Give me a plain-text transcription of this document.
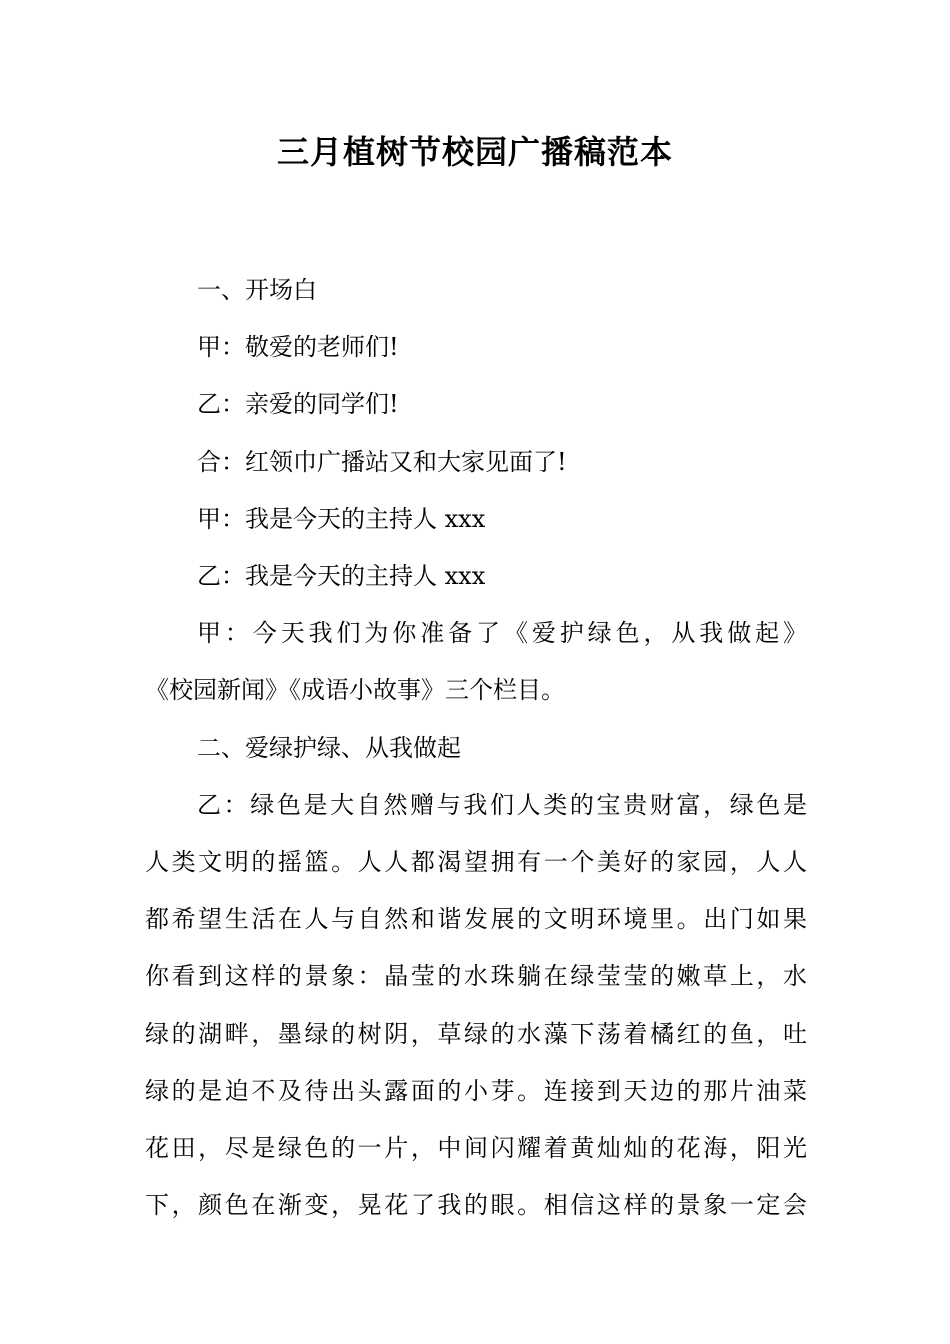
三月植树节校园广播稿范本

一、开场白

甲：敬爱的老师们!

乙：亲爱的同学们!

合：红领巾广播站又和大家见面了!

甲：我是今天的主持人 xxx

乙：我是今天的主持人 xxx

甲：今天我们为你准备了《爱护绿色，从我做起》

《校园新闻》《成语小故事》三个栏目。

二、爱绿护绿、从我做起

乙：绿色是大自然赠与我们人类的宝贵财富，绿色是

人类文明的摇篮。人人都渴望拥有一个美好的家园，人人

都希望生活在人与自然和谐发展的文明环境里。出门如果

你看到这样的景象：晶莹的水珠躺在绿莹莹的嫩草上，水

绿的湖畔，墨绿的树阴，草绿的水藻下荡着橘红的鱼，吐

绿的是迫不及待出头露面的小芽。连接到天边的那片油菜

花田，尽是绿色的一片，中间闪耀着黄灿灿的花海，阳光

下，颜色在渐变，晃花了我的眼。相信这样的景象一定会
